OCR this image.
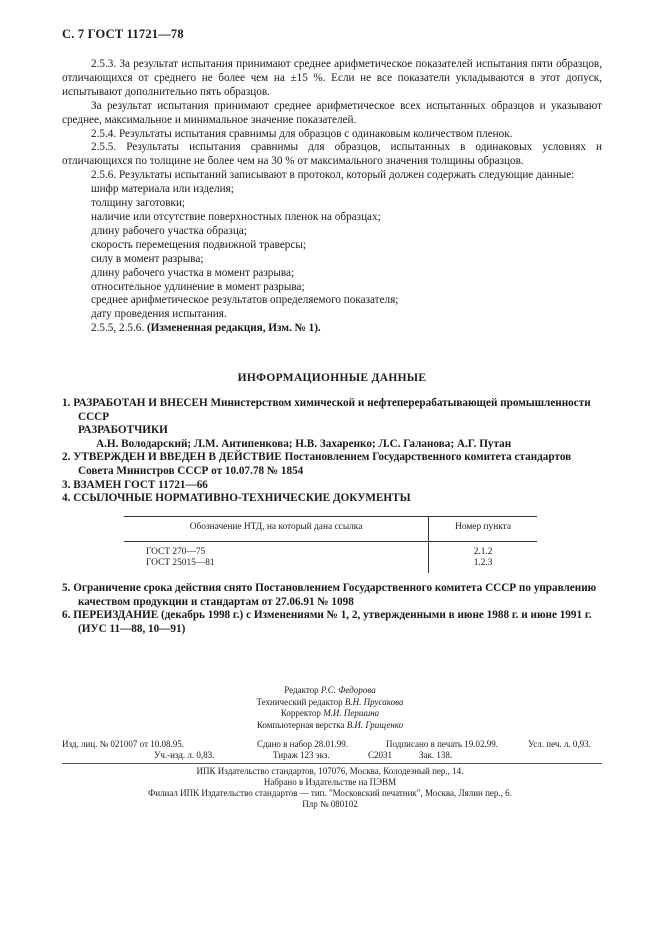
С. 7 ГОСТ 11721—78

2.5.3. За результат испытания принимают среднее арифметическое показателей испытания пяти образцов, отличающихся от среднего не более чем на ±15 %. Если не все показатели укладываются в этот допуск, испытывают дополнительно пять образцов.

За результат испытания принимают среднее арифметическое всех испытанных образцов и указывают среднее, максимальное и минимальное значение показателей.

2.5.4. Результаты испытания сравнимы для образцов с одинаковым количеством пленок.

2.5.5. Результаты испытания сравнимы для образцов, испытанных в одинаковых условиях и отличающихся по толщине не более чем на 30 % от максимального значения толщины образцов.

2.5.6. Результаты испытаний записывают в протокол, который должен содержать следующие данные:

шифр материала или изделия;

толщину заготовки;

наличие или отсутствие поверхностных пленок на образцах;

длину рабочего участка образца;

скорость перемещения подвижной траверсы;

силу в момент разрыва;

длину рабочего участка в момент разрыва;

относительное удлинение в момент разрыва;

среднее арифметическое результатов определяемого показателя;

дату проведения испытания.

2.5.5, 2.5.6. (Измененная редакция, Изм. № 1).

ИНФОРМАЦИОННЫЕ ДАННЫЕ

1. РАЗРАБОТАН И ВНЕСЕН Министерством химической и нефтеперерабатывающей промышленности СССР

РАЗРАБОТЧИКИ

А.Н. Володарский; Л.М. Антипенкова; Н.В. Захаренко; Л.С. Галанова; А.Г. Путан

2. УТВЕРЖДЕН И ВВЕДЕН В ДЕЙСТВИЕ Постановлением Государственного комитета стандартов Совета Министров СССР от 10.07.78 № 1854

3. ВЗАМЕН ГОСТ 11721—66

4. ССЫЛОЧНЫЕ НОРМАТИВНО-ТЕХНИЧЕСКИЕ ДОКУМЕНТЫ

Обозначение НТД, на который дана ссылка	Номер пункта
ГОСТ 270—75	2.1.2
ГОСТ 25015—81	1.2.3

5. Ограничение срока действия снято Постановлением Государственного комитета СССР по управлению качеством продукции и стандартам от 27.06.91 № 1098

6. ПЕРЕИЗДАНИЕ (декабрь 1998 г.) с Изменениями № 1, 2, утвержденными в июне 1988 г. и июне 1991 г. (ИУС 11—88, 10—91)

Редактор Р.С. Федорова
Технический редактор В.Н. Прусакова
Корректор М.И. Першина
Компьютерная верстка В.И. Грищенко
Изд. лиц. № 021007 от 10.08.95.	Сдано в набор 28.01.99.	Подписано в печать 19.02.99.	Усл. печ. л. 0,93.
Уч.-изд. л. 0,83.	Тираж 123 экз.	С2031	Зак. 138.
ИПК Издательство стандартов, 107076, Москва, Колодезный пер., 14.
Набрано в Издательстве на ПЭВМ
Филиал ИПК Издательство стандартов — тип. "Московский печатник", Москва, Лялин пер., 6.
Плр № 080102
